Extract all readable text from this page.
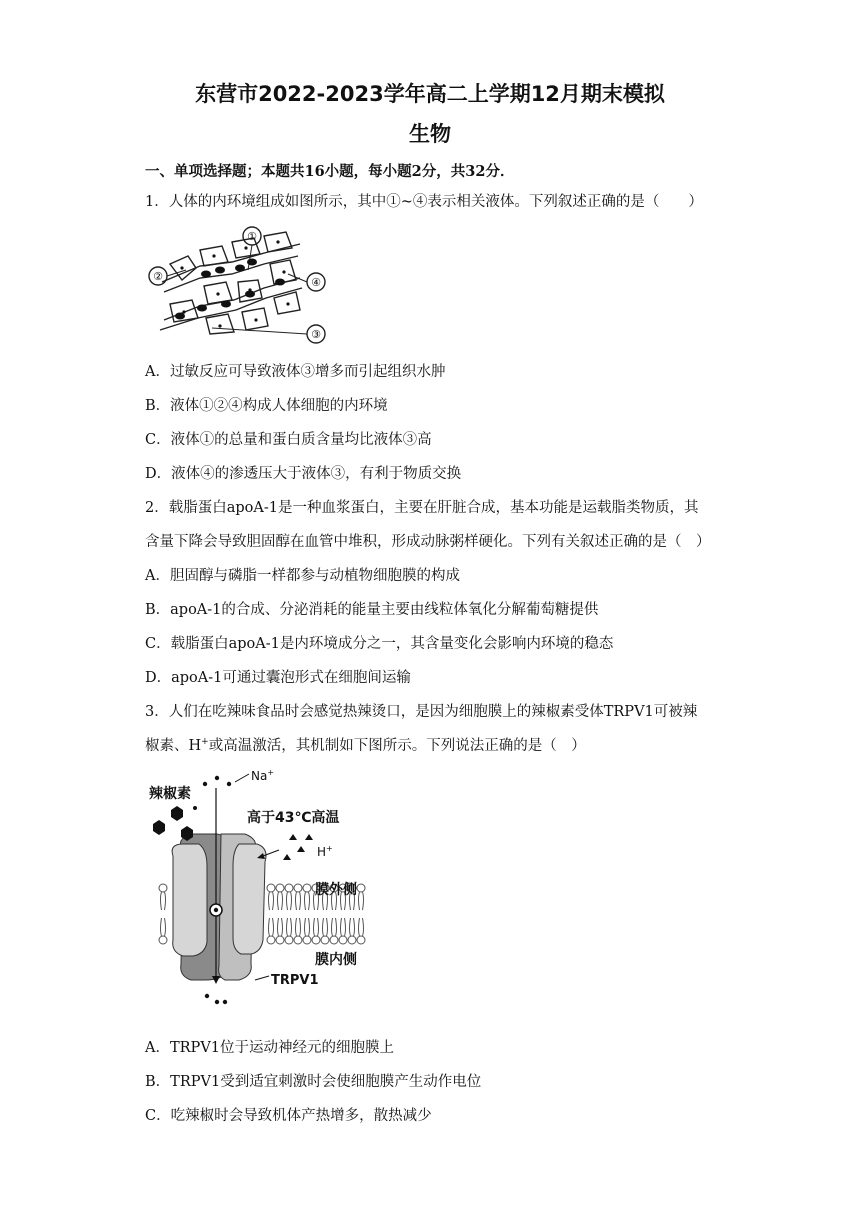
东营市2022-2023学年高二上学期12月期末模拟
生物
一、单项选择题；本题共16小题，每小题2分，共32分．
1．人体的内环境组成如图所示，其中①~④表示相关液体。下列叙述正确的是（　　）
①
②
③
④
A．过敏反应可导致液体③增多而引起组织水肿
B．液体①②④构成人体细胞的内环境
C．液体①的总量和蛋白质含量均比液体③高
D．液体④的渗透压大于液体③，有利于物质交换
2．载脂蛋白apoA-1是一种血浆蛋白，主要在肝脏合成，基本功能是运载脂类物质，其
含量下降会导致胆固醇在血管中堆积，形成动脉粥样硬化。下列有关叙述正确的是（　）
A．胆固醇与磷脂一样都参与动植物细胞膜的构成
B．apoA-1的合成、分泌消耗的能量主要由线粒体氧化分解葡萄糖提供
C．载脂蛋白apoA-1是内环境成分之一，其含量变化会影响内环境的稳态
D．apoA-1可通过囊泡形式在细胞间运输
3．人们在吃辣味食品时会感觉热辣烫口，是因为细胞膜上的辣椒素受体TRPV1可被辣
椒素、H+或高温激活，其机制如下图所示。下列说法正确的是（　）
辣椒素
Na+
高于43℃高温
H+
膜外侧
膜内侧
TRPV1
A．TRPV1位于运动神经元的细胞膜上
B．TRPV1受到适宜刺激时会使细胞膜产生动作电位
C．吃辣椒时会导致机体产热增多，散热减少
